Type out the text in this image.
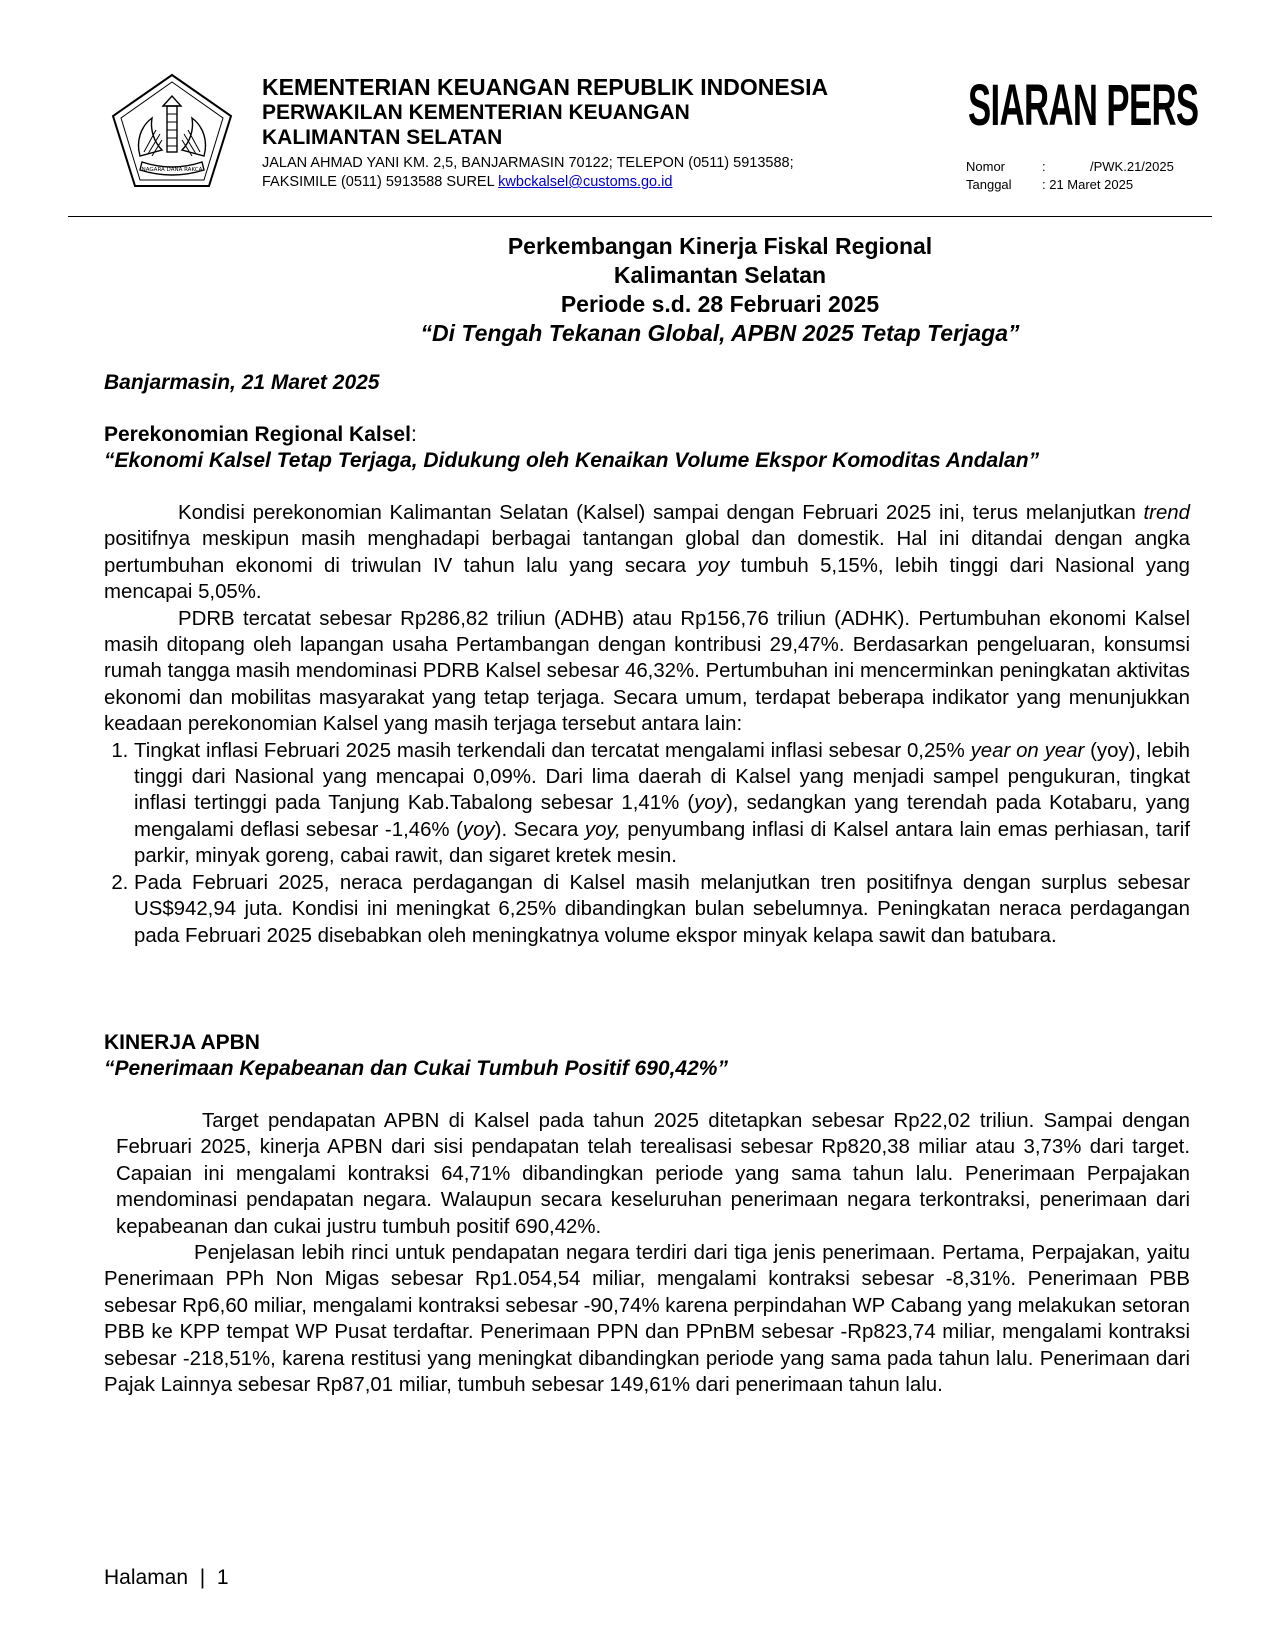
NAGARA DANA RAKCA
KEMENTERIAN KEUANGAN REPUBLIK INDONESIA
PERWAKILAN KEMENTERIAN KEUANGAN
KALIMANTAN SELATAN
JALAN AHMAD YANI KM. 2,5, BANJARMASIN 70122; TELEPON (0511) 5913588;
FAKSIMILE (0511) 5913588 SUREL kwbckalsel@customs.go.id
SIARAN PERS
Nomor	:	/PWK.21/2025
Tanggal : 21 Maret 2025
Perkembangan Kinerja Fiskal Regional
Kalimantan Selatan
Periode s.d. 28 Februari 2025
“Di Tengah Tekanan Global, APBN 2025 Tetap Terjaga”
Banjarmasin, 21 Maret 2025
Perekonomian Regional Kalsel:
“Ekonomi Kalsel Tetap Terjaga, Didukung oleh Kenaikan Volume Ekspor Komoditas Andalan”

Kondisi perekonomian Kalimantan Selatan (Kalsel) sampai dengan Februari 2025 ini, terus melanjutkan trend positifnya meskipun masih menghadapi berbagai tantangan global dan domestik. Hal ini ditandai dengan angka pertumbuhan ekonomi di triwulan IV tahun lalu yang secara yoy tumbuh 5,15%, lebih tinggi dari Nasional yang mencapai 5,05%.

PDRB tercatat sebesar Rp286,82 triliun (ADHB) atau Rp156,76 triliun (ADHK). Pertumbuhan ekonomi Kalsel masih ditopang oleh lapangan usaha Pertambangan dengan kontribusi 29,47%. Berdasarkan pengeluaran, konsumsi rumah tangga masih mendominasi PDRB Kalsel sebesar 46,32%. Pertumbuhan ini mencerminkan peningkatan aktivitas ekonomi dan mobilitas masyarakat yang tetap terjaga. Secara umum, terdapat beberapa indikator yang menunjukkan keadaan perekonomian Kalsel yang masih terjaga tersebut antara lain:

1. Tingkat inflasi Februari 2025 masih terkendali dan tercatat mengalami inflasi sebesar 0,25% year on year (yoy), lebih tinggi dari Nasional yang mencapai 0,09%. Dari lima daerah di Kalsel yang menjadi sampel pengukuran, tingkat inflasi tertinggi pada Tanjung Kab.Tabalong sebesar 1,41% (yoy), sedangkan yang terendah pada Kotabaru, yang mengalami deflasi sebesar -1,46% (yoy). Secara yoy, penyumbang inflasi di Kalsel antara lain emas perhiasan, tarif parkir, minyak goreng, cabai rawit, dan sigaret kretek mesin.
2. Pada Februari 2025, neraca perdagangan di Kalsel masih melanjutkan tren positifnya dengan surplus sebesar US$942,94 juta. Kondisi ini meningkat 6,25% dibandingkan bulan sebelumnya. Peningkatan neraca perdagangan pada Februari 2025 disebabkan oleh meningkatnya volume ekspor minyak kelapa sawit dan batubara.
KINERJA APBN
“Penerimaan Kepabeanan dan Cukai Tumbuh Positif 690,42%”

Target pendapatan APBN di Kalsel pada tahun 2025 ditetapkan sebesar Rp22,02 triliun. Sampai dengan Februari 2025, kinerja APBN dari sisi pendapatan telah terealisasi sebesar Rp820,38 miliar atau 3,73% dari target. Capaian ini mengalami kontraksi 64,71% dibandingkan periode yang sama tahun lalu. Penerimaan Perpajakan mendominasi pendapatan negara. Walaupun secara keseluruhan penerimaan negara terkontraksi, penerimaan dari kepabeanan dan cukai justru tumbuh positif 690,42%.

Penjelasan lebih rinci untuk pendapatan negara terdiri dari tiga jenis penerimaan. Pertama, Perpajakan, yaitu Penerimaan PPh Non Migas sebesar Rp1.054,54 miliar, mengalami kontraksi sebesar -8,31%. Penerimaan PBB sebesar Rp6,60 miliar, mengalami kontraksi sebesar -90,74% karena perpindahan WP Cabang yang melakukan setoran PBB ke KPP tempat WP Pusat terdaftar. Penerimaan PPN dan PPnBM sebesar -Rp823,74 miliar, mengalami kontraksi sebesar -218,51%, karena restitusi yang meningkat dibandingkan periode yang sama pada tahun lalu. Penerimaan dari Pajak Lainnya sebesar Rp87,01 miliar, tumbuh sebesar 149,61% dari penerimaan tahun lalu.

Halaman  |  1
